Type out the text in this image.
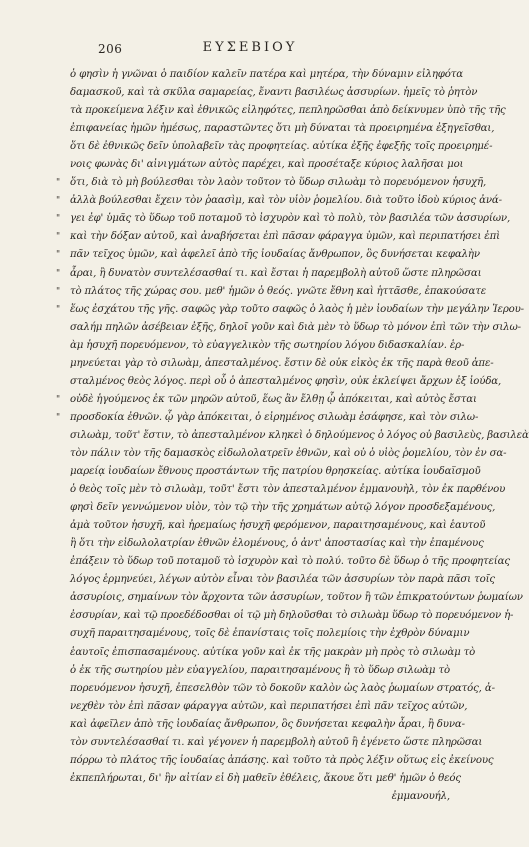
206	ΕΥΣΕΒΙΟΥ
ὁ φησὶν ἡ γνῶναι ὁ παιδίον καλεῖν πατέρα καὶ μητέρα, τὴν δύναμιν εἰληφότα
δαμασκοῦ, καὶ τὰ σκῦλα σαμαρείας, ἔναντι βασιλέως ἀσσυρίων. ἡμεῖς τὸ ῥητὸν
τὰ προκείμενα λέξιν καὶ ἐθνικῶς εἰληφότες, πεπληρῶσθαι ἀπὸ δείκνυμεν ὑπὸ τῆς τῆς
ἐπιφανείας ἡμῶν ἡμέσως, παραστῶντες ὅτι μὴ δύναται τὰ προειρημένα ἐξηγεῖσθαι,
ὅτι δὲ ἐθνικῶς δεῖν ὑπολαβεῖν τὰς προφητείας. αὐτίκα ἐξῆς ἐφεξῆς τοῖς προειρημέ-
νοις φωνὰς δι' αἰνιγμάτων αὐτὸς παρέχει, καὶ προσέταξε κύριος λαλῆσαι μοι
" ὅτι, διὰ τὸ μὴ βούλεσθαι τὸν λαὸν τοῦτον τὸ ὕδωρ σιλωὰμ τὸ πορευόμενον ἡσυχῆ,
" ἀλλὰ βούλεσθαι ἔχειν τὸν ῥαασὶμ, καὶ τὸν υἱὸν ῥομελίου. διὰ τοῦτο ἰδοὺ κύριος ἀνά-
" γει ἐφ' ὑμᾶς τὸ ὕδωρ τοῦ ποταμοῦ τὸ ἰσχυρὸν καὶ τὸ πολὺ, τὸν βασιλέα τῶν ἀσσυρίων,
" καὶ τὴν δόξαν αὐτοῦ, καὶ ἀναβήσεται ἐπὶ πᾶσαν φάραγγα ὑμῶν, καὶ περιπατήσει ἐπὶ
" πᾶν τεῖχος ὑμῶν, καὶ ἀφελεῖ ἀπὸ τῆς ἰουδαίας ἄνθρωπον, ὃς δυνήσεται κεφαλὴν
" ἆραι, ἢ δυνατὸν συντελέσασθαί τι. καὶ ἔσται ἡ παρεμβολὴ αὐτοῦ ὥστε πληρῶσαι
" τὸ πλάτος τῆς χώρας σου. μεθ' ἡμῶν ὁ θεός. γνῶτε ἔθνη καὶ ἡττᾶσθε, ἐπακούσατε
" ἕως ἐσχάτου τῆς γῆς. σαφῶς γὰρ τοῦτο σαφῶς ὁ λαὸς ἡ μὲν ἰουδαίων τὴν μεγάλην Ἱερου-
σαλήμ πηλῶν ἀσέβειαν ἐξῆς, δηλοῖ γοῦν καὶ διὰ μὲν τὸ ὕδωρ τὸ μόνον ἐπὶ τῶν τὴν σιλω-
ὰμ ἡσυχῆ πορευόμενον, τὸ εὐαγγελικὸν τῆς σωτηρίου λόγου διδασκαλίαν. ἑρ-
μηνεύεται γὰρ τὸ σιλωὰμ, ἀπεσταλμένος. ἔστιν δὲ οὐκ εἰκὸς ἐκ τῆς παρὰ θεοῦ ἀπε-
σταλμένος θεὸς λόγος. περὶ οὗ ὁ ἀπεσταλμένος φησὶν, οὐκ ἐκλείψει ἄρχων ἐξ ἰούδα,
" οὐδὲ ἡγούμενος ἐκ τῶν μηρῶν αὐτοῦ, ἕως ἂν ἔλθῃ ᾧ ἀπόκειται, καὶ αὐτὸς ἔσται
" προσδοκία ἐθνῶν. ᾧ γὰρ ἀπόκειται, ὁ εἰρημένος σιλωὰμ ἐσάφησε, καὶ τὸν σιλω-
σιλωὰμ, τοῦτ' ἔστιν, τὸ ἀπεσταλμένον κληκεὶ ὁ δηλούμενος ὁ λόγος οὐ βασιλεὺς, βασιλεὰ
τὸν πάλιν τὸν τῆς δαμασκὸς εἰδωλολατρεῖν ἐθνῶν, καὶ οὐ ὁ υἱὸς ῥομελίου, τὸν ἐν σα-
μαρείᾳ ἰουδαίων ἔθνους προστάντων τῆς πατρίου θρησκείας. αὐτίκα ἰουδαϊσμοῦ
ὁ θεὸς τοῖς μὲν τὸ σιλωὰμ, τοῦτ' ἔστι τὸν ἀπεσταλμένον ἐμμανουὴλ, τὸν ἐκ παρθένου
φησὶ δεῖν γεννώμενον υἱὸν, τὸν τῷ τὴν τῆς χρημάτων αὐτῷ λόγον προσδεξαμένους,
ἀμὰ τοῦτον ἡσυχῆ, καὶ ἠρεμαίως ἡσυχῆ φερόμενον, παραιτησαμένους, καὶ ἑαυτοῦ
ἢ ὅτι τὴν εἰδωλολατρίαν ἐθνῶν ἐλομένους, ὁ ἀντ' ἀποστασίας καὶ τὴν ἐπαμένους
ἐπάξειν τὸ ὕδωρ τοῦ ποταμοῦ τὸ ἰσχυρὸν καὶ τὸ πολύ. τοῦτο δὲ ὕδωρ ὁ τῆς προφητείας
λόγος ἑρμηνεύει, λέγων αὐτὸν εἶναι τὸν βασιλέα τῶν ἀσσυρίων τὸν παρὰ πᾶσι τοῖς
ἀσσυρίοις, σημαίνων τὸν ἄρχοντα τῶν ἀσσυρίων, τοῦτον ἢ τῶν ἐπικρατούντων ῥωμαίων
ἐσσυρίαν, καὶ τῷ προεδέδοσθαι οἱ τῷ μὴ δηλοῦσθαι τὸ σιλωὰμ ὕδωρ τὸ πορευόμενον ἡ-
συχῆ παραιτησαμένους, τοῖς δὲ ἐπανίσταις τοῖς πολεμίοις τὴν ἐχθρὸν δύναμιν
ἑαυτοῖς ἐπισπασαμένους. αὐτίκα γοῦν καὶ ἐκ τῆς μακρὰν μὴ πρὸς τὸ σιλωὰμ τὸ
ὁ ἐκ τῆς σωτηρίου μὲν εὐαγγελίου, παραιτησαμένους ἢ τὸ ὕδωρ σιλωὰμ τὸ
πορευόμενον ἡσυχῆ, ἐπεσελθὸν τῶν τὸ δοκοῦν καλὸν ὡς λαὸς ῥωμαίων στρατός, ἀ-
νεχθὲν τὸν ἐπὶ πᾶσαν φάραγγα αὐτῶν, καὶ περιπατήσει ἐπὶ πᾶν τεῖχος αὐτῶν,
καὶ ἀφεῖλεν ἀπὸ τῆς ἰουδαίας ἄνθρωπον, ὃς δυνήσεται κεφαλὴν ἆραι, ἢ δυνα-
τὸν συντελέσασθαί τι. καὶ γέγονεν ἡ παρεμβολὴ αὐτοῦ ἢ ἐγένετο ὥστε πληρῶσαι
πόρρω τὸ πλάτος τῆς ἰουδαίας ἁπάσης. καὶ τοῦτο τὰ πρὸς λέξιν οὕτως εἰς ἐκείνους
ἐκπεπλήρωται, δι' ἣν αἰτίαν εἰ δὴ μαθεῖν ἐθέλεις, ἄκουε ὅτι μεθ' ἡμῶν ὁ θεός
ἐμμανουήλ,
